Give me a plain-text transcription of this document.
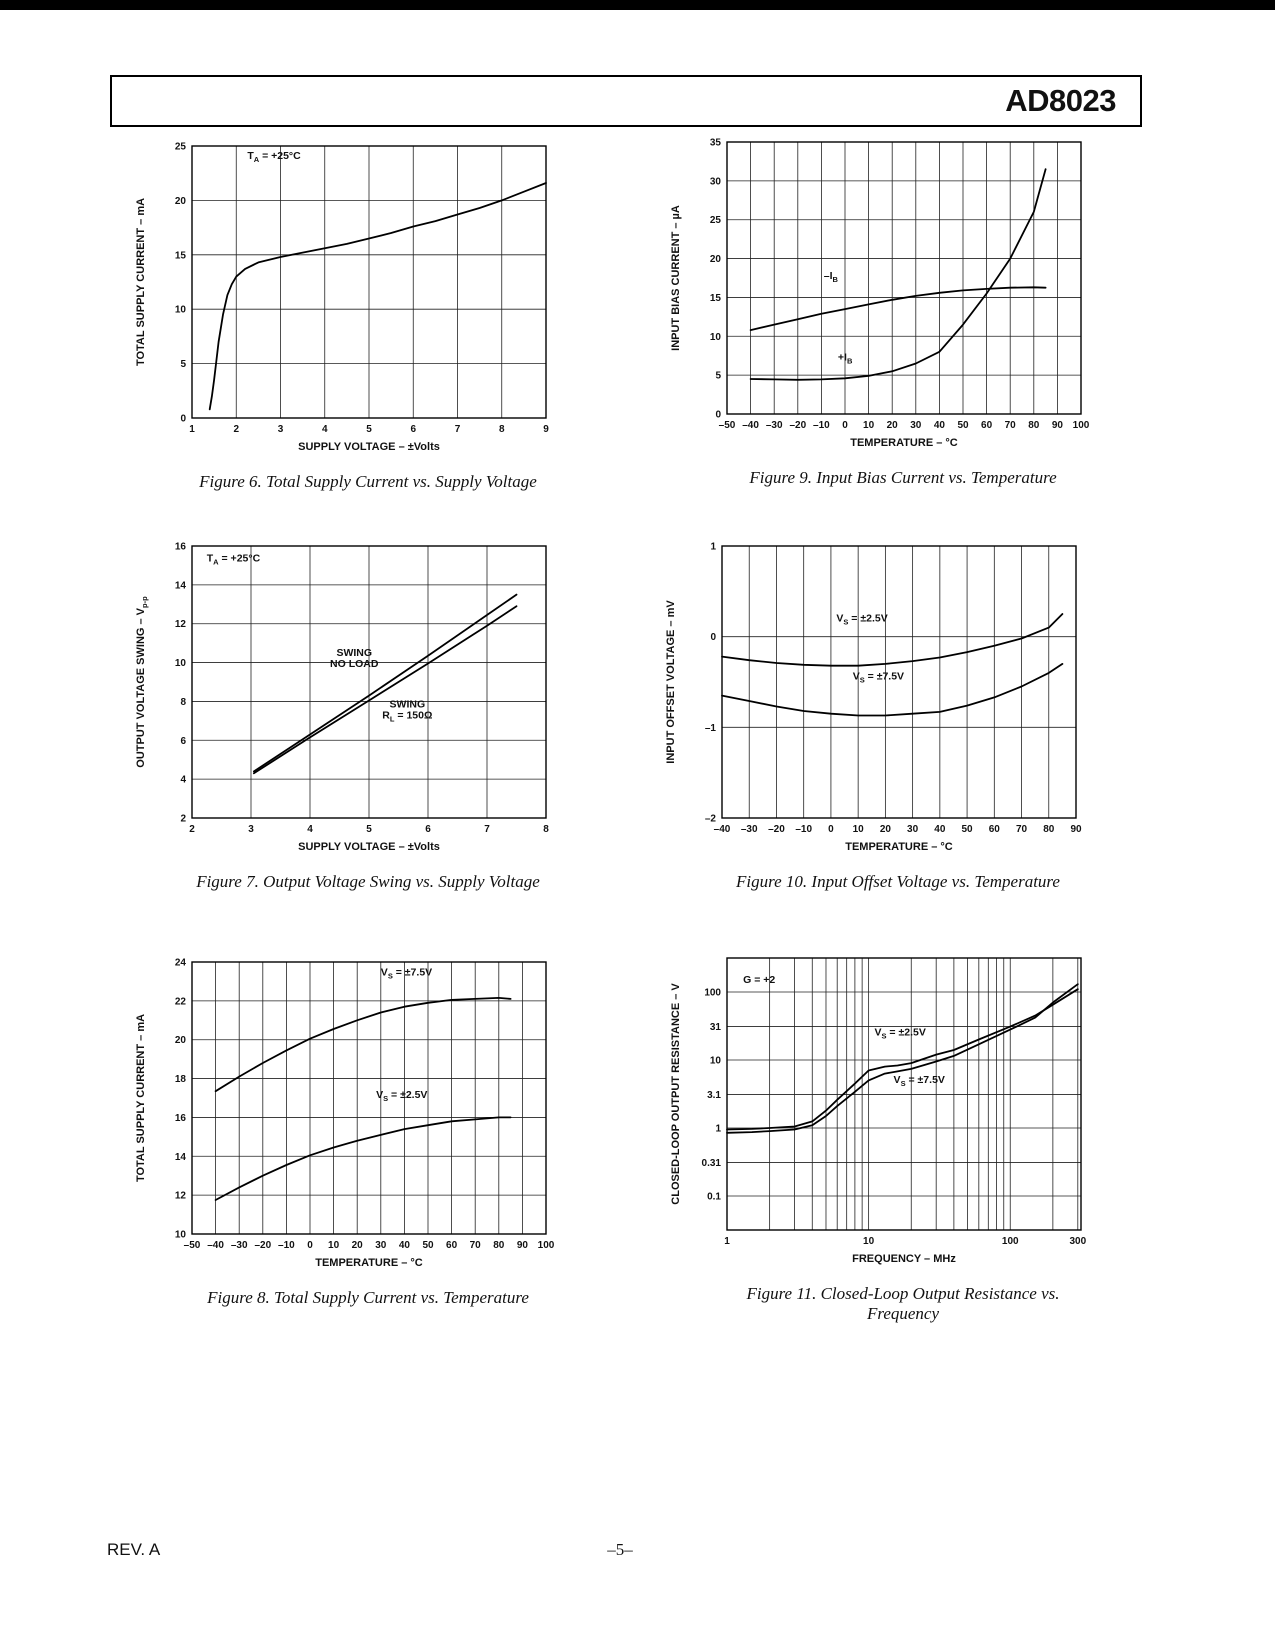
AD8023
1	2	3	4	5	6	7	8	9
0
5
10
15
20
25
SUPPLY VOLTAGE – ±Volts
TOTAL SUPPLY CURRENT – mA
$T_A = +25^\circ C$
Figure 6. Total Supply Current vs. Supply Voltage
–50 –40 –30 –20 –10 0 10 20 30 40 50 60 70 80 90 100
0
5
10
15
20
25
30
35
TEMPERATURE – °C
INPUT BIAS CURRENT – µA	$-I_B$
$+I_B$
Figure 9. Input Bias Current vs. Temperature
2	3	4	5	6	7	8
2
4
6
8
10
12
14
16
SUPPLY VOLTAGE – ±Volts
OUTPUT VOLTAGE SWING – $V_{p-p}$
$T_A = +25^\circ C$
SWING NO LOAD
SWING $R_L = 150\Omega$
Figure 7. Output Voltage Swing vs. Supply Voltage
–40 –30 –20 –10 0 10 20 30 40 50 60 70 80 90
–2
–1
0
1
TEMPERATURE – °C
INPUT OFFSET VOLTAGE – mV	$V_S = \pm 2.5V$
$V_S = \pm 7.5V$
Figure 10. Input Offset Voltage vs. Temperature
–50 –40 –30 –20 –10 0 10 20 30 40 50 60 70 80 90 100
10
12
14
16
18
20
22
24
TEMPERATURE – °C
TOTAL SUPPLY CURRENT – mA
$V_S = \pm 7.5V$
$V_S = \pm 2.5V$
Figure 8. Total Supply Current vs. Temperature
1	10	100	300
100
31
10
3.1
1
0.31
0.1
FREQUENCY – MHz
CLOSED-LOOP OUTPUT RESISTANCE – V
G = +2
$V_S = \pm 2.5V$
$V_S = \pm 7.5V$
Figure 11. Closed-Loop Output Resistance vs. Frequency
REV. A	–5–
